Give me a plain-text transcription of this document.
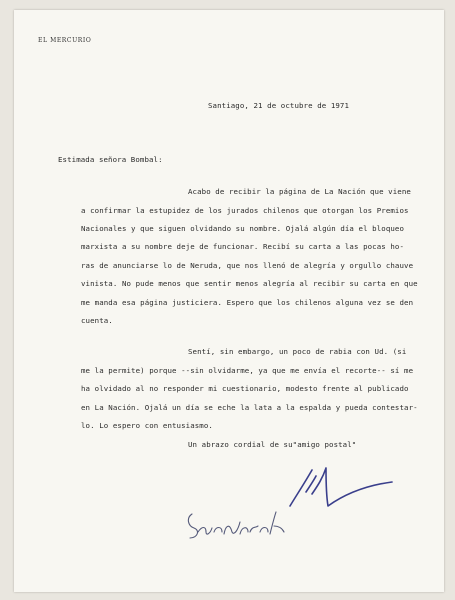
EL MERCURIO
Santiago, 21 de octubre de 1971
Estimada señora Bombal:
Acabo de recibir la página de La Nación que viene
a confirmar la estupidez de los jurados chilenos que otorgan los Premios
Nacionales y que siguen olvidando su nombre. Ojalá algún día el bloqueo
marxista a su nombre deje de funcionar. Recibí su carta a las pocas ho-
ras de anunciarse lo de Neruda, que nos llenó de alegría y orgullo chauve
vinista. No pude menos que sentir menos alegría al recibir su carta en que
me manda esa página justiciera. Espero que los chilenos alguna vez se den
cuenta.
Sentí, sin embargo, un poco de rabia con Ud. (si
me la permite) porque --sin olvidarme, ya que me envía el recorte-- sí me
ha olvidado al no responder mi cuestionario, modesto frente al publicado
en La Nación. Ojalá un día se eche la lata a la espalda y pueda contestar-
lo. Lo espero con entusiasmo.
Un abrazo cordial de su"amigo postal"
